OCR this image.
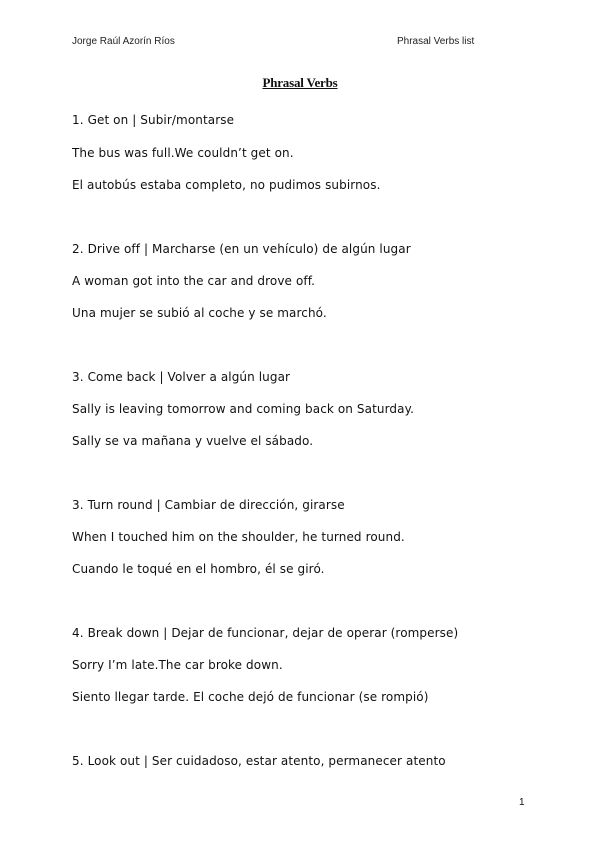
Jorge Raúl Azorín Ríos	Phrasal Verbs list
Phrasal Verbs
1. Get on | Subir/montarse
The bus was full.We couldn’t get on.
El autobús estaba completo, no pudimos subirnos.
2. Drive off | Marcharse (en un vehículo) de algún lugar
A woman got into the car and drove off.
Una mujer se subió al coche y se marchó.
3. Come back | Volver a algún lugar
Sally is leaving tomorrow and coming back on Saturday.
Sally se va mañana y vuelve el sábado.
3. Turn round | Cambiar de dirección, girarse
When I touched him on the shoulder, he turned round.
Cuando le toqué en el hombro, él se giró.
4. Break down | Dejar de funcionar, dejar de operar (romperse)
Sorry I’m late.The car broke down.
Siento llegar tarde. El coche dejó de funcionar (se rompió)
5. Look out | Ser cuidadoso, estar atento, permanecer atento
1
